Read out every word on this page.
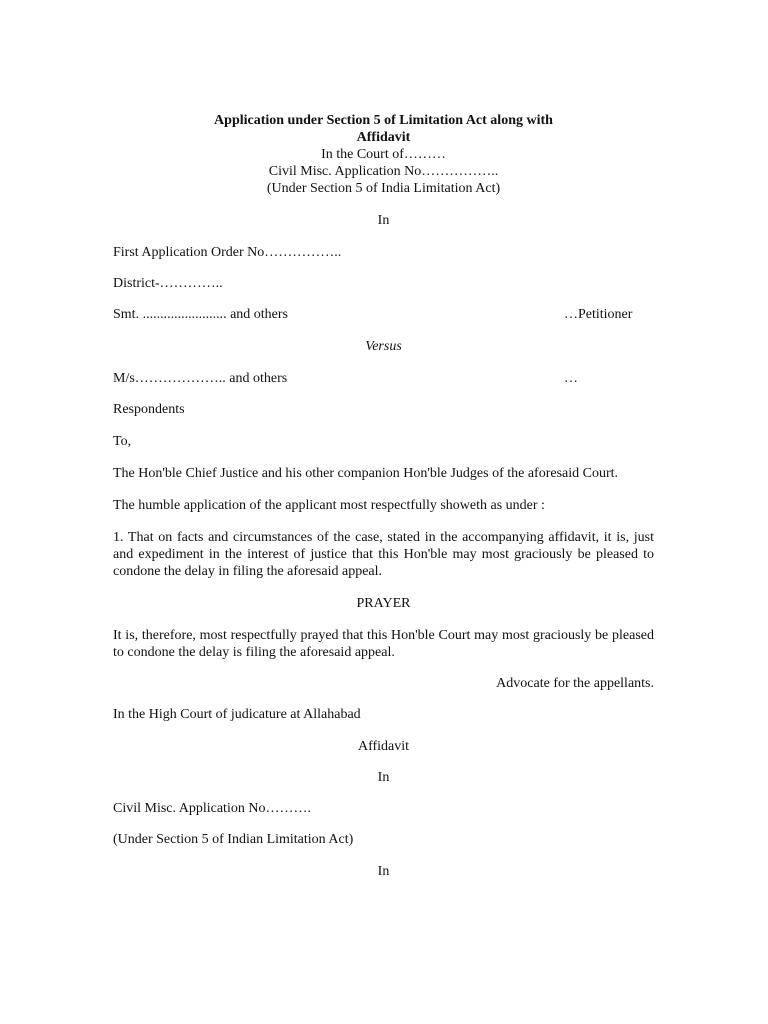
Application under Section 5 of Limitation Act along with
Affidavit
In the Court of………
Civil Misc. Application No……………..
(Under Section 5 of India Limitation Act)
In
First Application Order No……………..
District-…………..
Smt. ........................ and others	…Petitioner
Versus
M/s……………….. and others	…
Respondents
To,
The Hon'ble Chief Justice and his other companion Hon'ble Judges of the aforesaid Court.
The humble application of the applicant most respectfully showeth as under :
1. That on facts and circumstances of the case, stated in the accompanying affidavit, it is, just and expediment in the interest of justice that this Hon'ble may most graciously be pleased to condone the delay in filing the aforesaid appeal.
PRAYER
It is, therefore, most respectfully prayed that this Hon'ble Court may most graciously be pleased to condone the delay is filing the aforesaid appeal.
Advocate for the appellants.
In the High Court of judicature at Allahabad
Affidavit
In
Civil Misc. Application No……….
(Under Section 5 of Indian Limitation Act)
In
